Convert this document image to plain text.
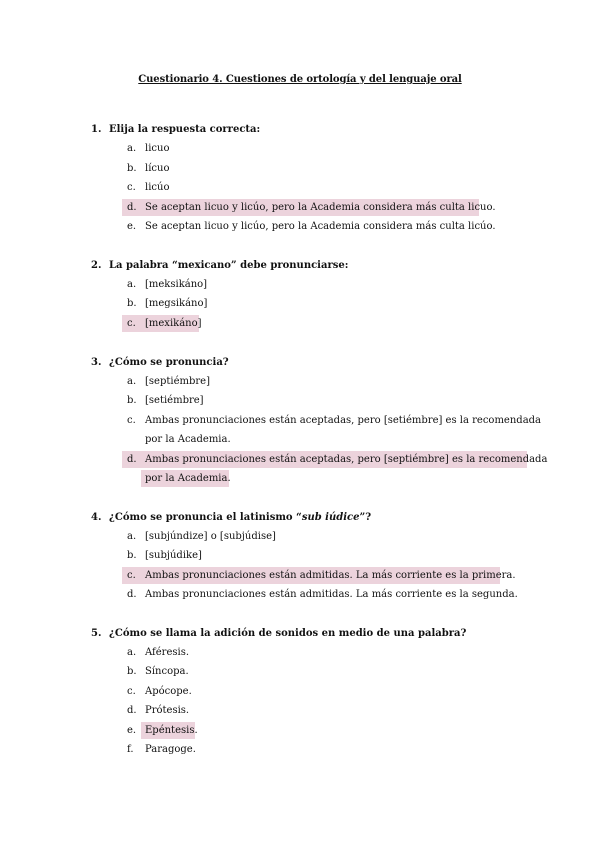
Cuestionario 4. Cuestiones de ortología y del lenguaje oral
1. Elija la respuesta correcta:
a. licuo
b. lícuo
c. licúo
d. Se aceptan licuo y licúo, pero la Academia considera más culta licuo.
e. Se aceptan licuo y licúo, pero la Academia considera más culta licúo.
2. La palabra “mexicano” debe pronunciarse:
a. [meksikáno]
b. [megsikáno]
c. [mexikáno]
3. ¿Cómo se pronuncia?
a. [septiémbre]
b. [setiémbre]
c. Ambas pronunciaciones están aceptadas, pero [setiémbre] es la recomendada
por la Academia.
d. Ambas pronunciaciones están aceptadas, pero [septiémbre] es la recomendada
por la Academia.
4. ¿Cómo se pronuncia el latinismo “sub iúdice”?
a. [subjúndize] o [subjúdise]
b. [subjúdike]
c. Ambas pronunciaciones están admitidas. La más corriente es la primera.
d. Ambas pronunciaciones están admitidas. La más corriente es la segunda.
5. ¿Cómo se llama la adición de sonidos en medio de una palabra?
a. Aféresis.
b. Síncopa.
c. Apócope.
d. Prótesis.
e. Epéntesis.
f. Paragoge.
